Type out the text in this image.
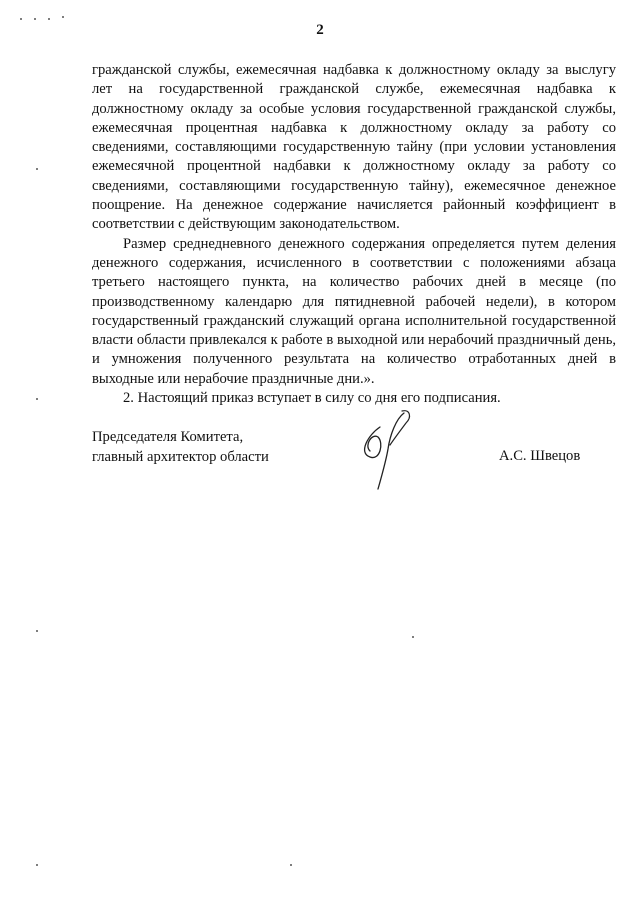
2

гражданской службы, ежемесячная надбавка к должностному окладу за выслугу лет на государственной гражданской службе, ежемесячная надбавка к должностному окладу за особые условия государственной гражданской службы, ежемесячная процентная надбавка к должностному окладу за работу со сведениями, составляющими государственную тайну (при условии установления ежемесячной процентной надбавки к должностному окладу за работу со сведениями, составляющими государственную тайну), ежемесячное денежное поощрение. На денежное содержание начисляется районный коэффициент в соответствии с действующим законодательством.

Размер среднедневного денежного содержания определяется путем деления денежного содержания, исчисленного в соответствии с положениями абзаца третьего настоящего пункта, на количество рабочих дней в месяце (по производственному календарю для пятидневной рабочей недели), в котором государственный гражданский служащий органа исполнительной государственной власти области привлекался к работе в выходной или нерабочий праздничный день, и умножения полученного результата на количество отработанных дней в выходные или нерабочие праздничные дни.».

2. Настоящий приказ вступает в силу со дня его подписания.

Председателя Комитета,
главный архитектор области	А.С. Швецов
